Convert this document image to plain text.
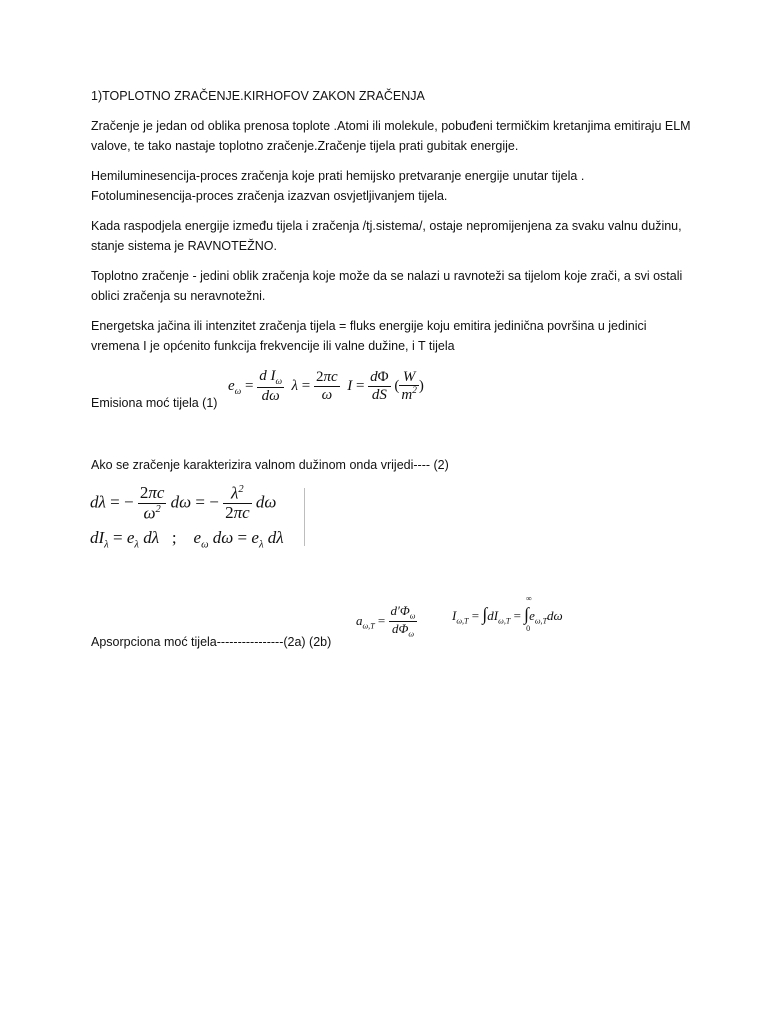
1)TOPLOTNO ZRAČENJE.KIRHOFOV ZAKON ZRAČENJA

Zračenje je jedan od oblika prenosa toplote .Atomi ili molekule, pobuđeni termičkim kretanjima emitiraju ELM valove, te tako nastaje toplotno zračenje.Zračenje tijela prati gubitak energije.

Hemiluminesencija-proces zračenja koje prati hemijsko pretvaranje energije unutar tijela .

Fotoluminesencija-proces zračenja izazvan osvjetljivanjem tijela.

Kada raspodjela energije između tijela i zračenja /tj.sistema/, ostaje nepromijenjena za svaku valnu dužinu, stanje sistema je RAVNOTEŽNO.

Toplotno zračenje - jedini oblik zračenja koje može da se nalazi u ravnoteži sa tijelom koje zrači, a svi ostali oblici zračenja su neravnotežni.

Energetska jačina ili intenzitet zračenja tijela = fluks energije koju emitira jedinična površina u jedinici vremena I je općenito funkcija frekvencije ili valne dužine, i T tijela

$e_\omega = \frac{d I_\omega}{d\omega}$ $\lambda = \frac{2\pi c}{\omega}$ $I = \frac{d\Phi}{dS}$ ( $\frac{W}{m^2}$ )

Emisiona moć tijela (1)

Ako se zračenje karakterizira valnom dužinom onda vrijedi---- (2)

dλ = − $\frac{2\pi c}{\omega^2}$ dω = − $\frac{\lambda^2}{2\pi c}$ dω
$dI_\lambda = e_\lambda$ dλ   ;    $e_\omega$ $d\omega = e_\lambda$ dλ
$a_{\omega,T} = \frac{d'\Phi_\omega}{d\Phi_\omega}$	$I_{\omega,T} = \int dI_{\omega,T}$ = ∫
∞
0
$e_{\omega,T}d\omega$

Apsorpciona moć tijela----------------(2a) (2b)
